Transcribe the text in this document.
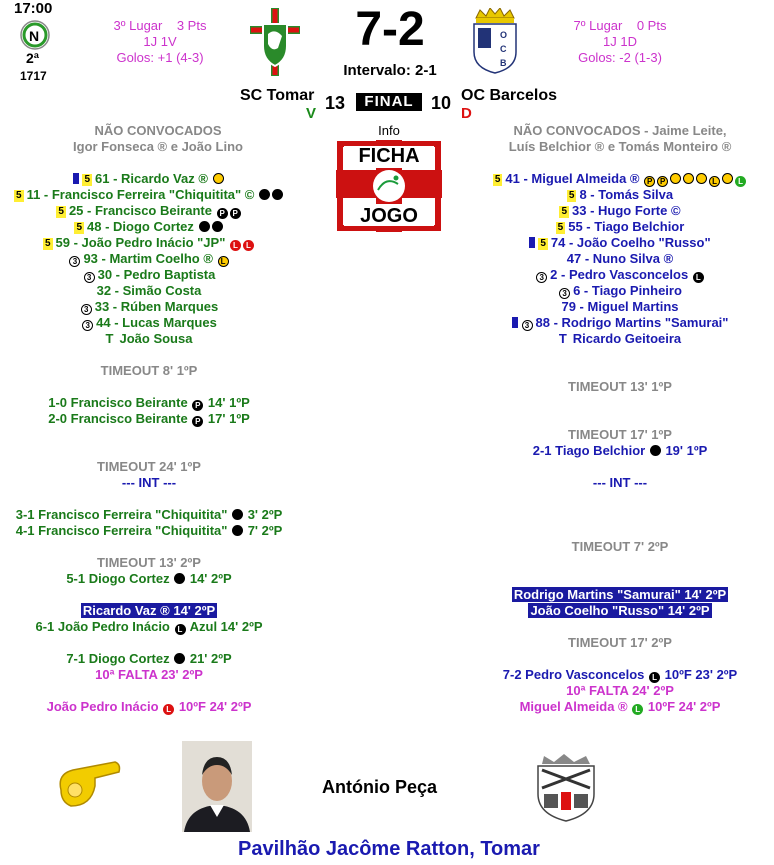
17:00
N
2ª
1717
3º Lugar 3 Pts
1J 1V
Golos: +1 (4-3)
7-2
Intervalo: 2-1
O
C
B
7º Lugar 0 Pts
1J 1D
Golos: -2 (1-3)
SC Tomar
V
13	FINAL 10 OC Barcelos
D
Info
FICHA
JOGO
NÃO CONVOCADOS
Igor Fonseca ® e João Lino
NÃO CONVOCADOS - Jaime Leite,
Luís Belchior ® e Tomás Monteiro ®
5 61 - Ricardo Vaz ®
5 11 - Francisco Ferreira "Chiquitita" ©
5 25 - Francisco Beirante P P
5 48 - Diogo Cortez
5 59 - João Pedro Inácio "JP" L L
3 93 - Martim Coelho ® L
3 30 - Pedro Baptista
32 - Simão Costa
3 33 - Rúben Marques
3 44 - Lucas Marques
T João Sousa
5 41 - Miguel Almeida ® P P	L	L
5 8 - Tomás Silva
5 33 - Hugo Forte ©
5 55 - Tiago Belchior
5 74 - João Coelho "Russo"
47 - Nuno Silva ®
3 2 - Pedro Vasconcelos L
3 6 - Tiago Pinheiro
79 - Miguel Martins
3 88 - Rodrigo Martins "Samurai"
T Ricardo Geitoeira
TIMEOUT 8' 1ºP
1-0 Francisco Beirante P 14' 1ºP
2-0 Francisco Beirante P 17' 1ºP
TIMEOUT 24' 1ºP
--- INT ---
3-1 Francisco Ferreira "Chiquitita"  3' 2ºP
4-1 Francisco Ferreira "Chiquitita"  7' 2ºP
TIMEOUT 13' 2ºP
5-1 Diogo Cortez  14' 2ºP
Ricardo Vaz ® 14' 2ºP
6-1 João Pedro Inácio L Azul 14' 2ºP
7-1 Diogo Cortez  21' 2ºP
10ª FALTA 23' 2ºP
João Pedro Inácio L 10ºF 24' 2ºP
TIMEOUT 13' 1ºP
TIMEOUT 17' 1ºP
2-1 Tiago Belchior  19' 1ºP
--- INT ---
TIMEOUT 7' 2ºP
Rodrigo Martins "Samurai" 14' 2ºP
João Coelho "Russo" 14' 2ºP
TIMEOUT 17' 2ºP
7-2 Pedro Vasconcelos L 10ºF 23' 2ºP
10ª FALTA 24' 2ºP
Miguel Almeida ® L 10ºF 24' 2ºP
António Peça
Pavilhão Jacôme Ratton, Tomar
